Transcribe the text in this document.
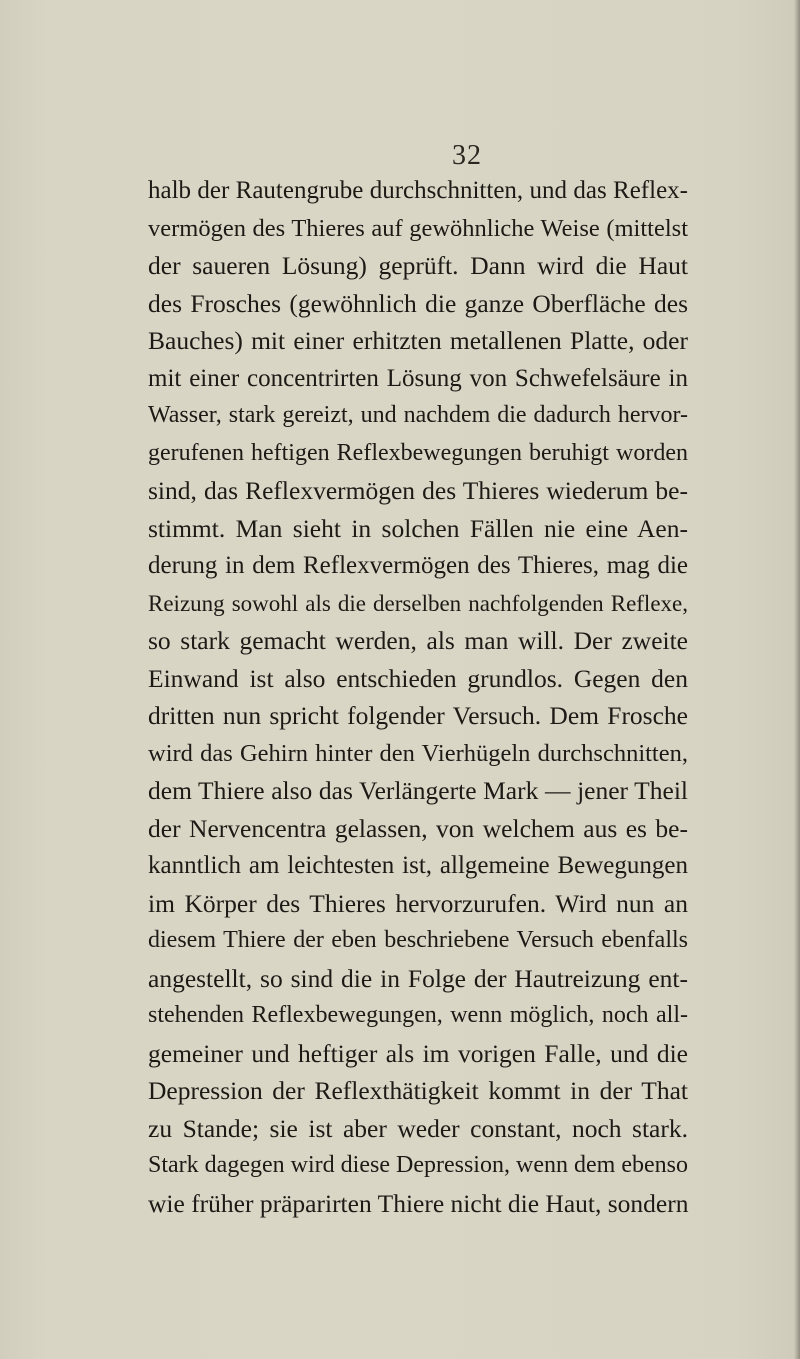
32
halb der Rautengrube durchschnitten, und das Reflex-
vermögen des Thieres auf gewöhnliche Weise (mittelst
der saueren Lösung) geprüft. Dann wird die Haut
des Frosches (gewöhnlich die ganze Oberfläche des
Bauches) mit einer erhitzten metallenen Platte, oder
mit einer concentrirten Lösung von Schwefelsäure in
Wasser, stark gereizt, und nachdem die dadurch hervor-
gerufenen heftigen Reflexbewegungen beruhigt worden
sind, das Reflexvermögen des Thieres wiederum be-
stimmt. Man sieht in solchen Fällen nie eine Aen-
derung in dem Reflexvermögen des Thieres, mag die
Reizung sowohl als die derselben nachfolgenden Reflexe,
so stark gemacht werden, als man will. Der zweite
Einwand ist also entschieden grundlos. Gegen den
dritten nun spricht folgender Versuch. Dem Frosche
wird das Gehirn hinter den Vierhügeln durchschnitten,
dem Thiere also das Verlängerte Mark — jener Theil
der Nervencentra gelassen, von welchem aus es be-
kanntlich am leichtesten ist, allgemeine Bewegungen
im Körper des Thieres hervorzurufen. Wird nun an
diesem Thiere der eben beschriebene Versuch ebenfalls
angestellt, so sind die in Folge der Hautreizung ent-
stehenden Reflexbewegungen, wenn möglich, noch all-
gemeiner und heftiger als im vorigen Falle, und die
Depression der Reflexthätigkeit kommt in der That
zu Stande; sie ist aber weder constant, noch stark.
Stark dagegen wird diese Depression, wenn dem ebenso
wie früher präparirten Thiere nicht die Haut, sondern
